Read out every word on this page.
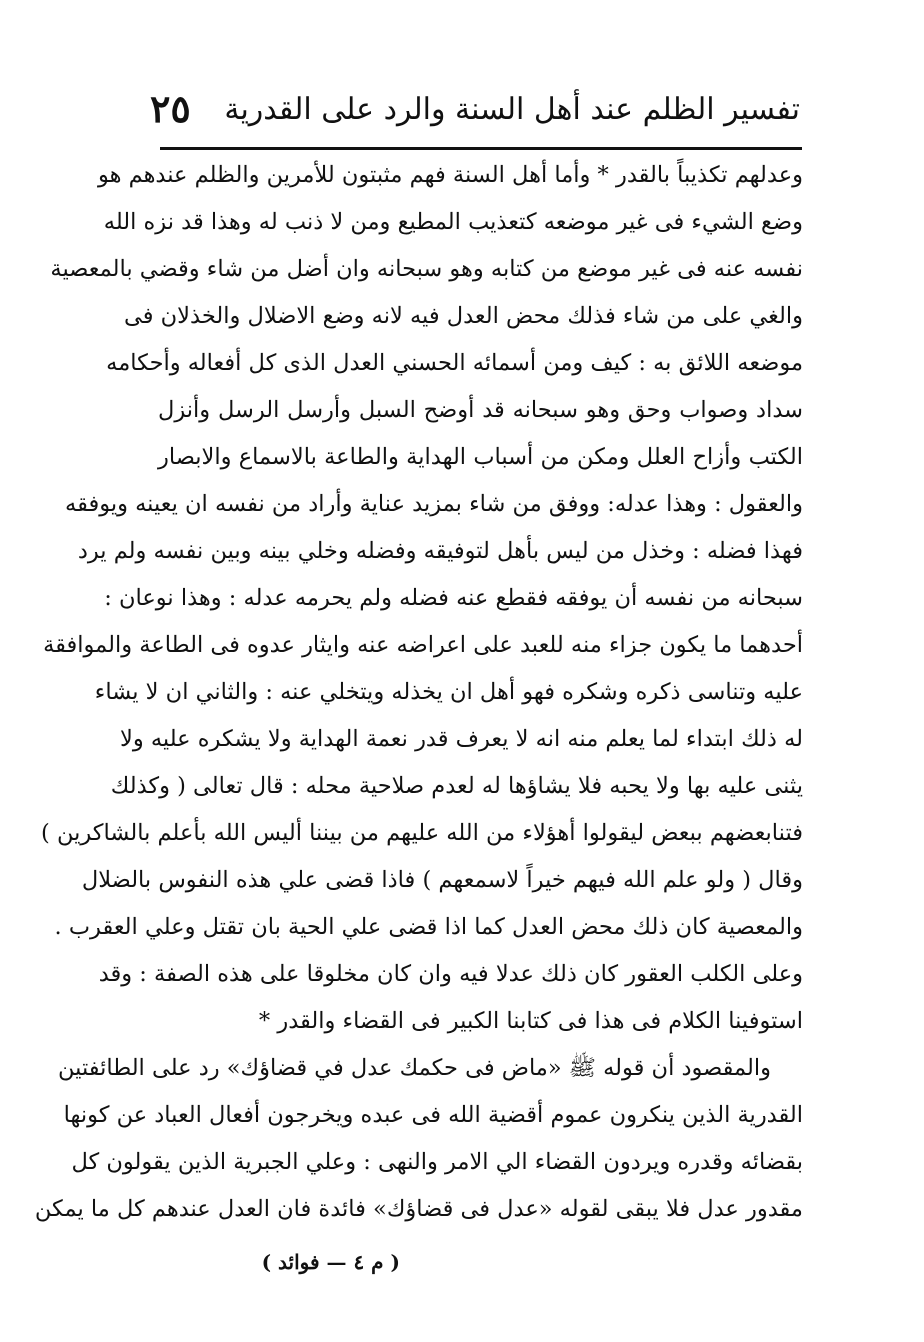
تفسير الظلم عند أهل السنة والرد على القدرية
٢٥
وعدلهم تكذيباً بالقدر * وأما أهل السنة فهم مثبتون للأمرين والظلم عندهم هو
وضع الشيء فى غير موضعه كتعذيب المطيع ومن لا ذنب له وهذا قد نزه الله
نفسه عنه فى غير موضع من كتابه وهو سبحانه وان أضل من شاء وقضي بالمعصية
والغي على من شاء فذلك محض العدل فيه لانه وضع الاضلال والخذلان فى
موضعه اللائق به : كيف ومن أسمائه الحسني العدل الذى كل أفعاله وأحكامه
سداد وصواب وحق وهو سبحانه قد أوضح السبل وأرسل الرسل وأنزل
الكتب وأزاح العلل ومكن من أسباب الهداية والطاعة بالاسماع والابصار
والعقول : وهذا عدله: ووفق من شاء بمزيد عناية وأراد من نفسه ان يعينه ويوفقه
فهذا فضله : وخذل من ليس بأهل لتوفيقه وفضله وخلي بينه وبين نفسه ولم يرد
سبحانه من نفسه أن يوفقه فقطع عنه فضله ولم يحرمه عدله : وهذا نوعان :
أحدهما ما يكون جزاء منه للعبد على اعراضه عنه وايثار عدوه فى الطاعة والموافقة
عليه وتناسى ذكره وشكره فهو أهل ان يخذله ويتخلي عنه : والثاني ان لا يشاء
له ذلك ابتداء لما يعلم منه انه لا يعرف قدر نعمة الهداية ولا يشكره عليه ولا
يثنى عليه بها ولا يحبه فلا يشاؤها له لعدم صلاحية محله : قال تعالى ( وكذلك
فتنابعضهم ببعض ليقولوا أهؤلاء من الله عليهم من بيننا أليس الله بأعلم بالشاكرين )
وقال ( ولو علم الله فيهم خيراً لاسمعهم ) فاذا قضى علي هذه النفوس بالضلال
والمعصية كان ذلك محض العدل كما اذا قضى علي الحية بان تقتل وعلي العقرب .
وعلى الكلب العقور كان ذلك عدلا فيه وان كان مخلوقا على هذه الصفة : وقد
استوفينا الكلام فى هذا فى كتابنا الكبير فى القضاء والقدر *
والمقصود أن قوله ﷺ «ماض فى حكمك عدل في قضاؤك» رد على الطائفتين
القدرية الذين ينكرون عموم أقضية الله فى عبده ويخرجون أفعال العباد عن كونها
بقضائه وقدره ويردون القضاء الي الامر والنهى : وعلي الجبرية الذين يقولون كل
مقدور عدل فلا يبقى لقوله «عدل فى قضاؤك» فائدة فان العدل عندهم كل ما يمكن
( م ٤ — فوائد )
